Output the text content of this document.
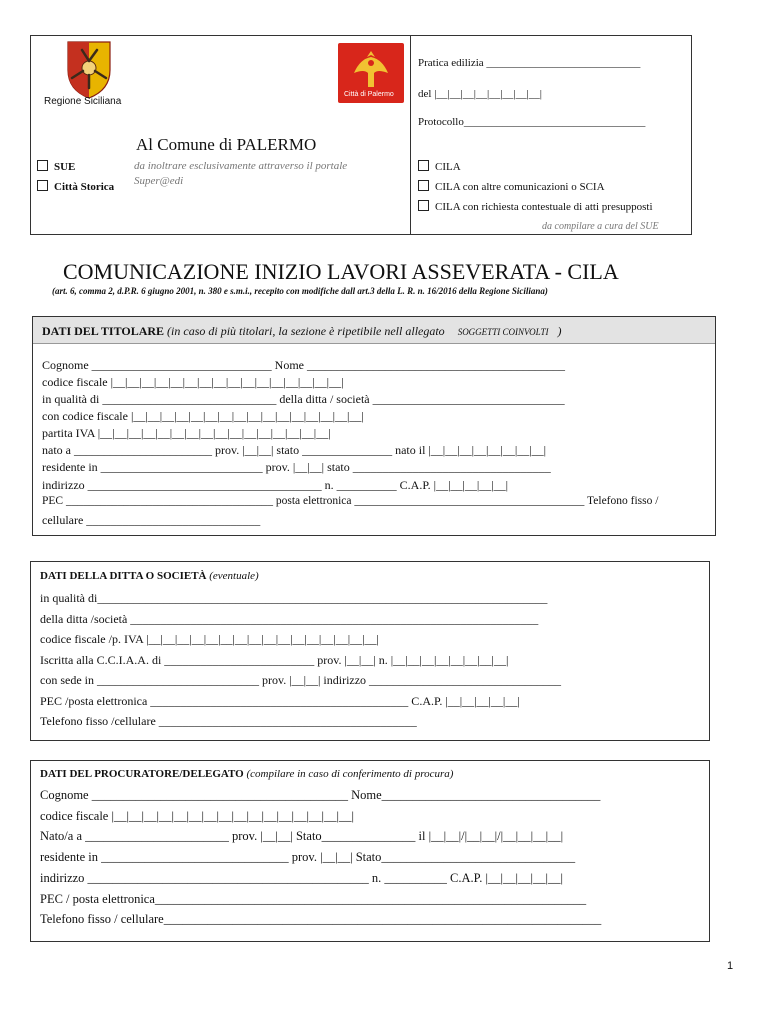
Regione Siciliana
Città di Palermo
Pratica edilizia ____________________________
del |__|__|__|__|__|__|__|__|
Protocollo_________________________________
Al Comune di PALERMO
SUE
Città Storica
da inoltrare esclusivamente attraverso il portale
Super@edi
CILA
CILA con altre comunicazioni o SCIA
CILA con richiesta contestuale di atti presupposti
da compilare a cura del SUE
COMUNICAZIONE INIZIO LAVORI ASSEVERATA - CILA
(art. 6, comma 2, d.P.R. 6 giugno 2001, n. 380 e s.m.i., recepito con modifiche dall art.3 della L. R. n. 16/2016 della Regione Siciliana)
DATI DEL TITOLARE (in caso di più titolari, la sezione è ripetibile nell allegato SOGGETTI COINVOLTI )
Cognome ______________________________ Nome ___________________________________________
codice fiscale |__|__|__|__|__|__|__|__|__|__|__|__|__|__|__|__|
in qualità di _____________________________ della ditta / società ________________________________
con codice fiscale |__|__|__|__|__|__|__|__|__|__|__|__|__|__|__|__|
partita IVA |__|__|__|__|__|__|__|__|__|__|__|__|__|__|__|__|
nato a _______________________ prov. |__|__| stato _______________ nato il |__|__|__|__|__|__|__|__|
residente in ___________________________ prov. |__|__| stato _________________________________
indirizzo _______________________________________ n. __________ C.A.P. |__|__|__|__|__|
PEC ____________________________________ posta elettronica ________________________________________ Telefono fisso /
cellulare _____________________________
DATI DELLA DITTA O SOCIETÀ (eventuale)
in qualità di___________________________________________________________________________
della ditta /società ____________________________________________________________________
codice fiscale /p. IVA |__|__|__|__|__|__|__|__|__|__|__|__|__|__|__|__|
Iscritta alla C.C.I.A.A. di _________________________ prov. |__|__| n. |__|__|__|__|__|__|__|__|
con sede in ___________________________ prov. |__|__| indirizzo ________________________________
PEC /posta elettronica ___________________________________________ C.A.P. |__|__|__|__|__|
Telefono fisso /cellulare ___________________________________________
DATI DEL PROCURATORE/DELEGATO (compilare in caso di conferimento di procura)
Cognome _________________________________________ Nome___________________________________
codice fiscale |__|__|__|__|__|__|__|__|__|__|__|__|__|__|__|__|
Nato/a a _______________________ prov. |__|__| Stato_______________ il |__|__|/|__|__|/|__|__|__|__|
residente in ______________________________ prov. |__|__| Stato_______________________________
indirizzo _____________________________________________ n. __________ C.A.P. |__|__|__|__|__|
PEC / posta elettronica_____________________________________________________________________
Telefono fisso / cellulare______________________________________________________________________
1
